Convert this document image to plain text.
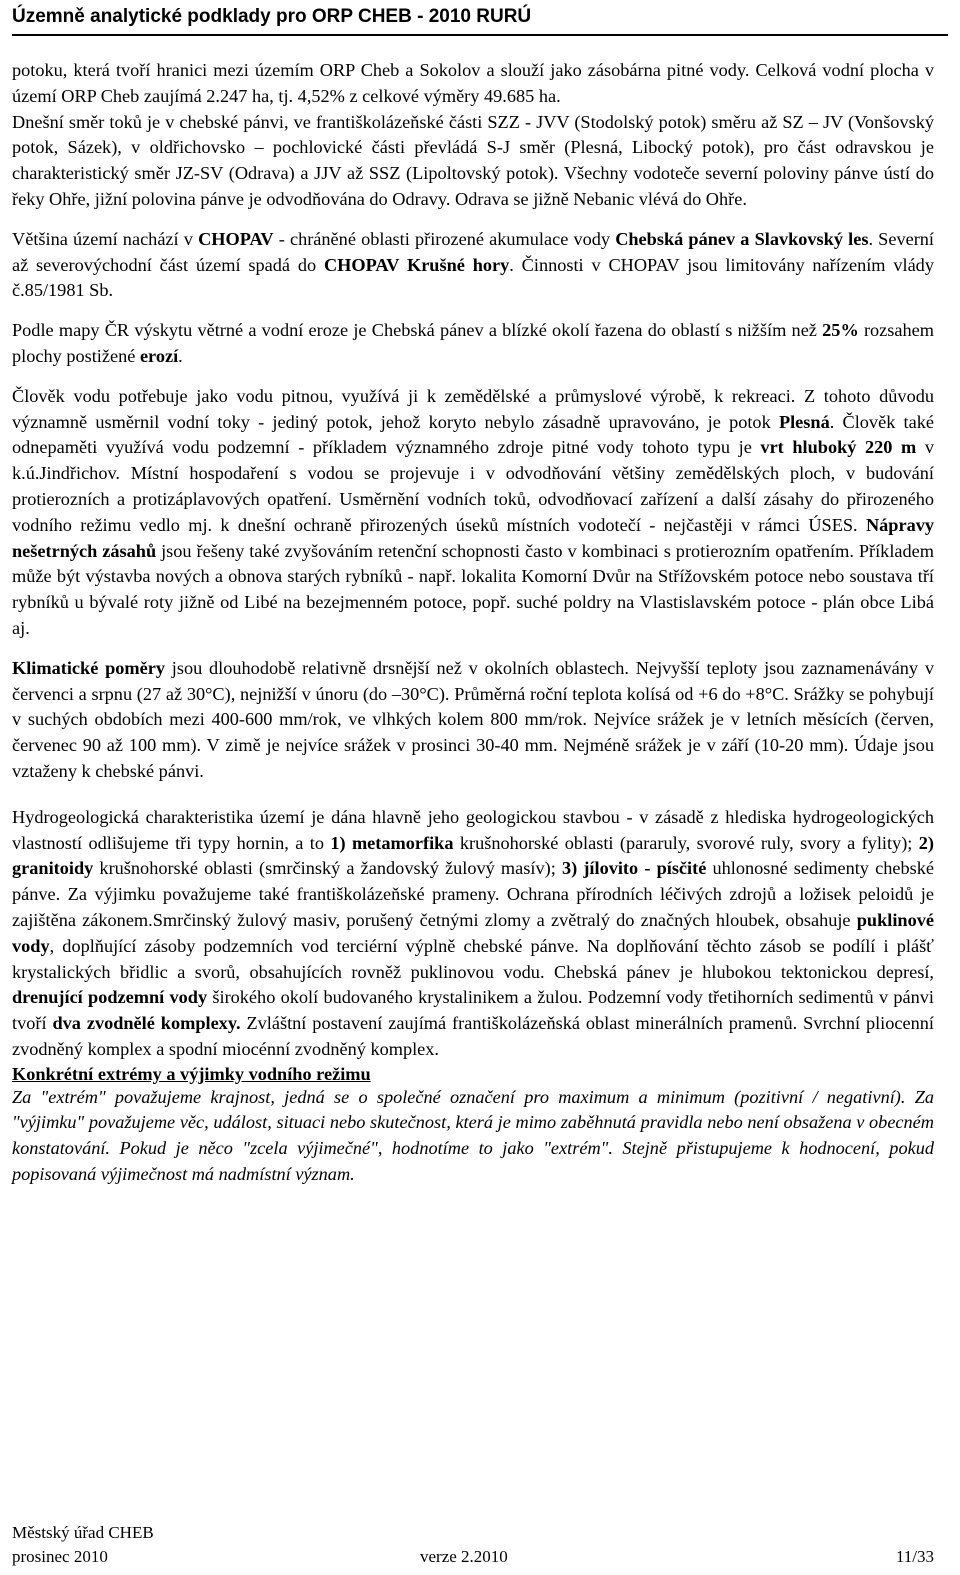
Územně analytické podklady pro ORP CHEB - 2010 RURÚ

potoku, která tvoří hranici mezi územím ORP Cheb a Sokolov a slouží jako zásobárna pitné vody. Celková vodní plocha v území ORP Cheb zaujímá 2.247 ha, tj. 4,52% z celkové výměry 49.685 ha.

Dnešní směr toků je v chebské pánvi, ve františkolázeňské části SZZ - JVV (Stodolský potok) směru až SZ – JV (Vonšovský potok, Sázek), v oldřichovsko – pochlovické části převládá S-J směr (Plesná, Libocký potok), pro část odravskou je charakteristický směr JZ-SV (Odrava) a JJV až SSZ (Lipoltovský potok). Všechny vodoteče severní poloviny pánve ústí do řeky Ohře, jižní polovina pánve je odvodňována do Odravy. Odrava se jižně Nebanic vlévá do Ohře.

Většina území nachází v CHOPAV - chráněné oblasti přirozené akumulace vody Chebská pánev a Slavkovský les. Severní až severovýchodní část území spadá do CHOPAV Krušné hory. Činnosti v CHOPAV jsou limitovány nařízením vlády č.85/1981 Sb.

Podle mapy ČR výskytu větrné a vodní eroze je Chebská pánev a blízké okolí řazena do oblastí s nižším než 25% rozsahem plochy postižené erozí.

Člověk vodu potřebuje jako vodu pitnou, využívá ji k zemědělské a průmyslové výrobě, k rekreaci. Z tohoto důvodu významně usměrnil vodní toky - jediný potok, jehož koryto nebylo zásadně upravováno, je potok Plesná. Člověk také odnepaměti využívá vodu podzemní - příkladem významného zdroje pitné vody tohoto typu je vrt hluboký 220 m v k.ú.Jindřichov. Místní hospodaření s vodou se projevuje i v odvodňování většiny zemědělských ploch, v budování protierozních a protizáplavových opatření. Usměrnění vodních toků, odvodňovací zařízení a další zásahy do přirozeného vodního režimu vedlo mj. k dnešní ochraně přirozených úseků místních vodotečí - nejčastěji v rámci ÚSES. Nápravy nešetrných zásahů jsou řešeny také zvyšováním retenční schopnosti často v kombinaci s protierozním opatřením. Příkladem může být výstavba nových a obnova starých rybníků - např. lokalita Komorní Dvůr na Střížovském potoce nebo soustava tří rybníků u bývalé roty jižně od Libé na bezejmenném potoce, popř. suché poldry na Vlastislavském potoce - plán obce Libá aj.

Klimatické poměry jsou dlouhodobě relativně drsnější než v okolních oblastech. Nejvyšší teploty jsou zaznamenávány v červenci a srpnu (27 až 30°C), nejnižší v únoru (do –30°C). Průměrná roční teplota kolísá od +6 do +8°C. Srážky se pohybují v suchých obdobích mezi 400-600 mm/rok, ve vlhkých kolem 800 mm/rok. Nejvíce srážek je v letních měsících (červen, červenec 90 až 100 mm). V zimě je nejvíce srážek v prosinci 30-40 mm. Nejméně srážek je v září (10-20 mm). Údaje jsou vztaženy k chebské pánvi.

Hydrogeologická charakteristika území je dána hlavně jeho geologickou stavbou - v zásadě z hlediska hydrogeologických vlastností odlišujeme tři typy hornin, a to 1) metamorfika krušnohorské oblasti (pararuly, svorové ruly, svory a fylity); 2) granitoidy krušnohorské oblasti (smrčinský a žandovský žulový masív); 3) jílovito - písčité uhlonosné sedimenty chebské pánve. Za výjimku považujeme také františkolázeňské prameny. Ochrana přírodních léčivých zdrojů a ložisek peloidů je zajištěna zákonem.Smrčinský žulový masiv, porušený četnými zlomy a zvětralý do značných hloubek, obsahuje puklinové vody, doplňující zásoby podzemních vod terciérní výplně chebské pánve. Na doplňování těchto zásob se podílí i plášť krystalických břidlic a svorů, obsahujících rovněž puklinovou vodu. Chebská pánev je hlubokou tektonickou depresí, drenující podzemní vody širokého okolí budovaného krystalinikem a žulou. Podzemní vody třetihorních sedimentů v pánvi tvoří dva zvodnělé komplexy. Zvláštní postavení zaujímá františkolázeňská oblast minerálních pramenů. Svrchní pliocenní zvodněný komplex a spodní miocénní zvodněný komplex.

Konkrétní extrémy a výjimky vodního režimu

Za "extrém" považujeme krajnost, jedná se o společné označení pro maximum a minimum (pozitivní / negativní). Za "výjimku" považujeme věc, událost, situaci nebo skutečnost, která je mimo zaběhnutá pravidla nebo není obsažena v obecném konstatování. Pokud je něco "zcela výjimečné", hodnotíme to jako "extrém". Stejně přistupujeme k hodnocení, pokud popisovaná výjimečnost má nadmístní význam.

Městský úřad CHEB
prosinec 2010	verze 2.2010	11/33
